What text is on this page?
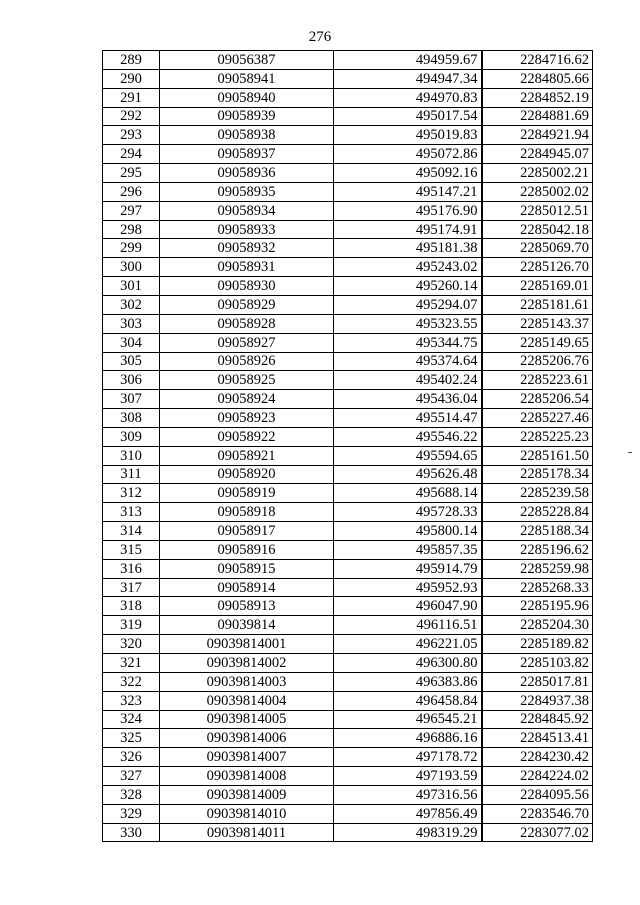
276
289	09056387	494959.67	2284716.62
290	09058941	494947.34	2284805.66
291	09058940	494970.83	2284852.19
292	09058939	495017.54	2284881.69
293	09058938	495019.83	2284921.94
294	09058937	495072.86	2284945.07
295	09058936	495092.16	2285002.21
296	09058935	495147.21	2285002.02
297	09058934	495176.90	2285012.51
298	09058933	495174.91	2285042.18
299	09058932	495181.38	2285069.70
300	09058931	495243.02	2285126.70
301	09058930	495260.14	2285169.01
302	09058929	495294.07	2285181.61
303	09058928	495323.55	2285143.37
304	09058927	495344.75	2285149.65
305	09058926	495374.64	2285206.76
306	09058925	495402.24	2285223.61
307	09058924	495436.04	2285206.54
308	09058923	495514.47	2285227.46
309	09058922	495546.22	2285225.23
310	09058921	495594.65	2285161.50
311	09058920	495626.48	2285178.34
312	09058919	495688.14	2285239.58
313	09058918	495728.33	2285228.84
314	09058917	495800.14	2285188.34
315	09058916	495857.35	2285196.62
316	09058915	495914.79	2285259.98
317	09058914	495952.93	2285268.33
318	09058913	496047.90	2285195.96
319	09039814	496116.51	2285204.30
320	09039814001	496221.05	2285189.82
321	09039814002	496300.80	2285103.82
322	09039814003	496383.86	2285017.81
323	09039814004	496458.84	2284937.38
324	09039814005	496545.21	2284845.92
325	09039814006	496886.16	2284513.41
326	09039814007	497178.72	2284230.42
327	09039814008	497193.59	2284224.02
328	09039814009	497316.56	2284095.56
329	09039814010	497856.49	2283546.70
330	09039814011	498319.29	2283077.02
